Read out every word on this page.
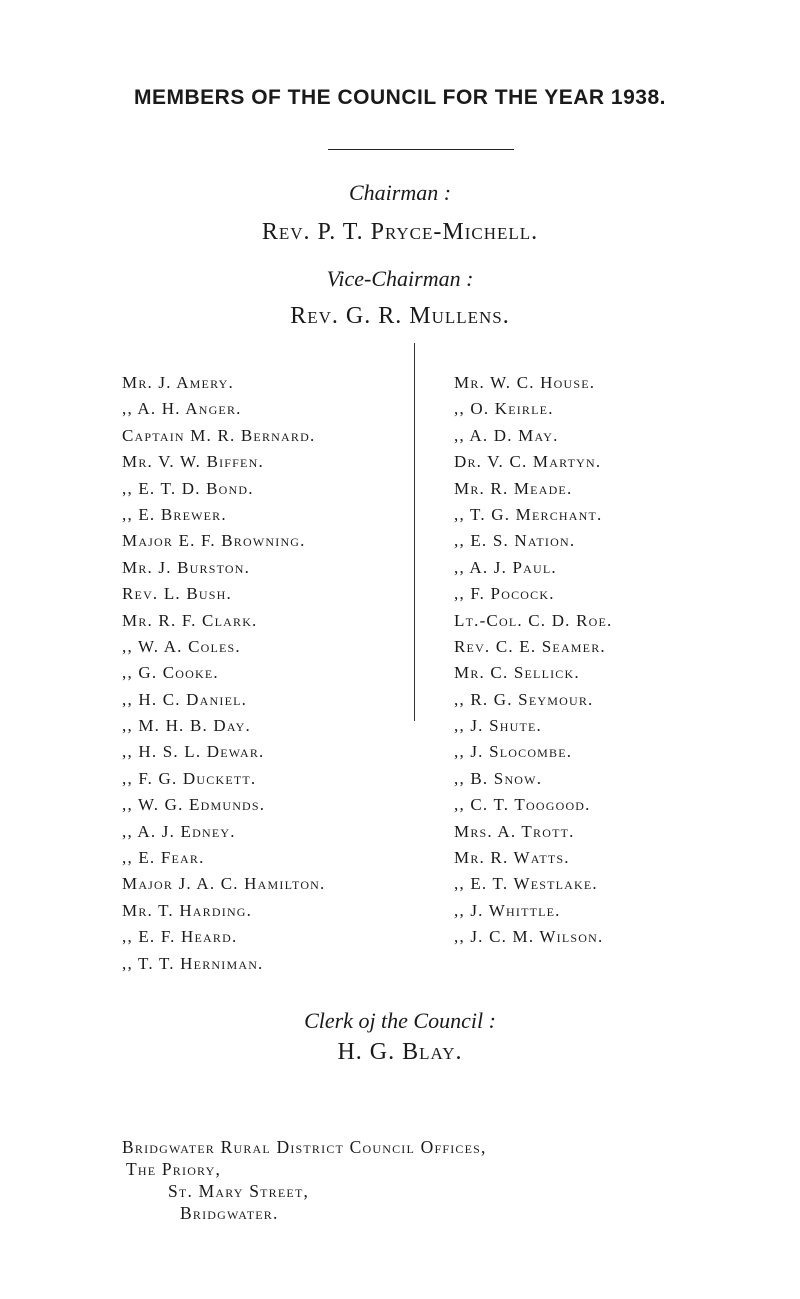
MEMBERS OF THE COUNCIL FOR THE YEAR 1938.
Chairman :
Rev. P. T. Pryce-Michell.
Vice-Chairman :
Rev. G. R. Mullens.
Mr. J. Amery.
,, A. H. Anger.
Captain M. R. Bernard.
Mr. V. W. Biffen.
,, E. T. D. Bond.
,, E. Brewer.
Major E. F. Browning.
Mr. J. Burston.
Rev. L. Bush.
Mr. R. F. Clark.
,, W. A. Coles.
,, G. Cooke.
,, H. C. Daniel.
,, M. H. B. Day.
,, H. S. L. Dewar.
,, F. G. Duckett.
,, W. G. Edmunds.
,, A. J. Edney.
,, E. Fear.
Major J. A. C. Hamilton.
Mr. T. Harding.
,, E. F. Heard.
,, T. T. Herniman.
Mr. W. C. House.
,, O. Keirle.
,, A. D. May.
Dr. V. C. Martyn.
Mr. R. Meade.
,, T. G. Merchant.
,, E. S. Nation.
,, A. J. Paul.
,, F. Pocock.
Lt.-Col. C. D. Roe.
Rev. C. E. Seamer.
Mr. C. Sellick.
,, R. G. Seymour.
,, J. Shute.
,, J. Slocombe.
,, B. Snow.
,, C. T. Toogood.
Mrs. A. Trott.
Mr. R. Watts.
,, E. T. Westlake.
,, J. Whittle.
,, J. C. M. Wilson.
Clerk oj the Council :
H. G. Blay.
Bridgwater Rural District Council Offices,
The Priory,
St. Mary Street,
Bridgwater.
